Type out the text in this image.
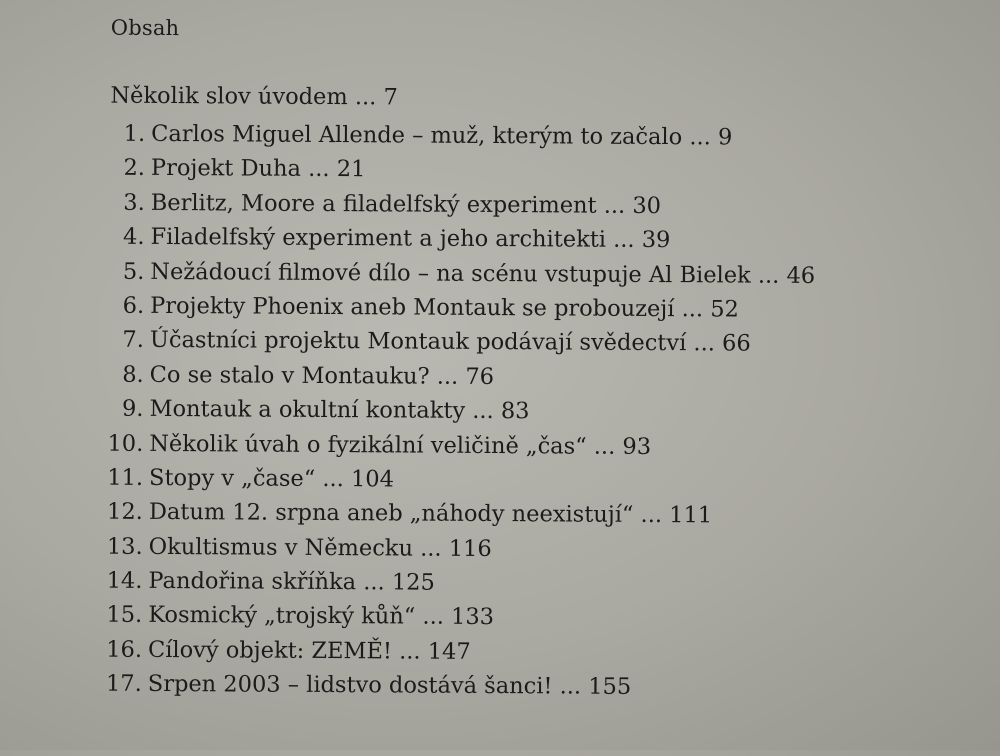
Obsah
Několik slov úvodem ... 7
1. Carlos Miguel Allende – muž, kterým to začalo ... 9
2. Projekt Duha ... 21
3. Berlitz, Moore a filadelfský experiment ... 30
4. Filadelfský experiment a jeho architekti ... 39
5. Nežádoucí filmové dílo – na scénu vstupuje Al Bielek ... 46
6. Projekty Phoenix aneb Montauk se probouzejí ... 52
7. Účastníci projektu Montauk podávají svědectví ... 66
8. Co se stalo v Montauku? ... 76
9. Montauk a okultní kontakty ... 83
10. Několik úvah o fyzikální veličině „čas“ ... 93
11. Stopy v „čase“ ... 104
12. Datum 12. srpna aneb „náhody neexistují“ ... 111
13. Okultismus v Německu ... 116
14. Pandořina skříňka ... 125
15. Kosmický „trojský kůň“ ... 133
16. Cílový objekt: ZEMĚ! ... 147
17. Srpen 2003 – lidstvo dostává šanci! ... 155
